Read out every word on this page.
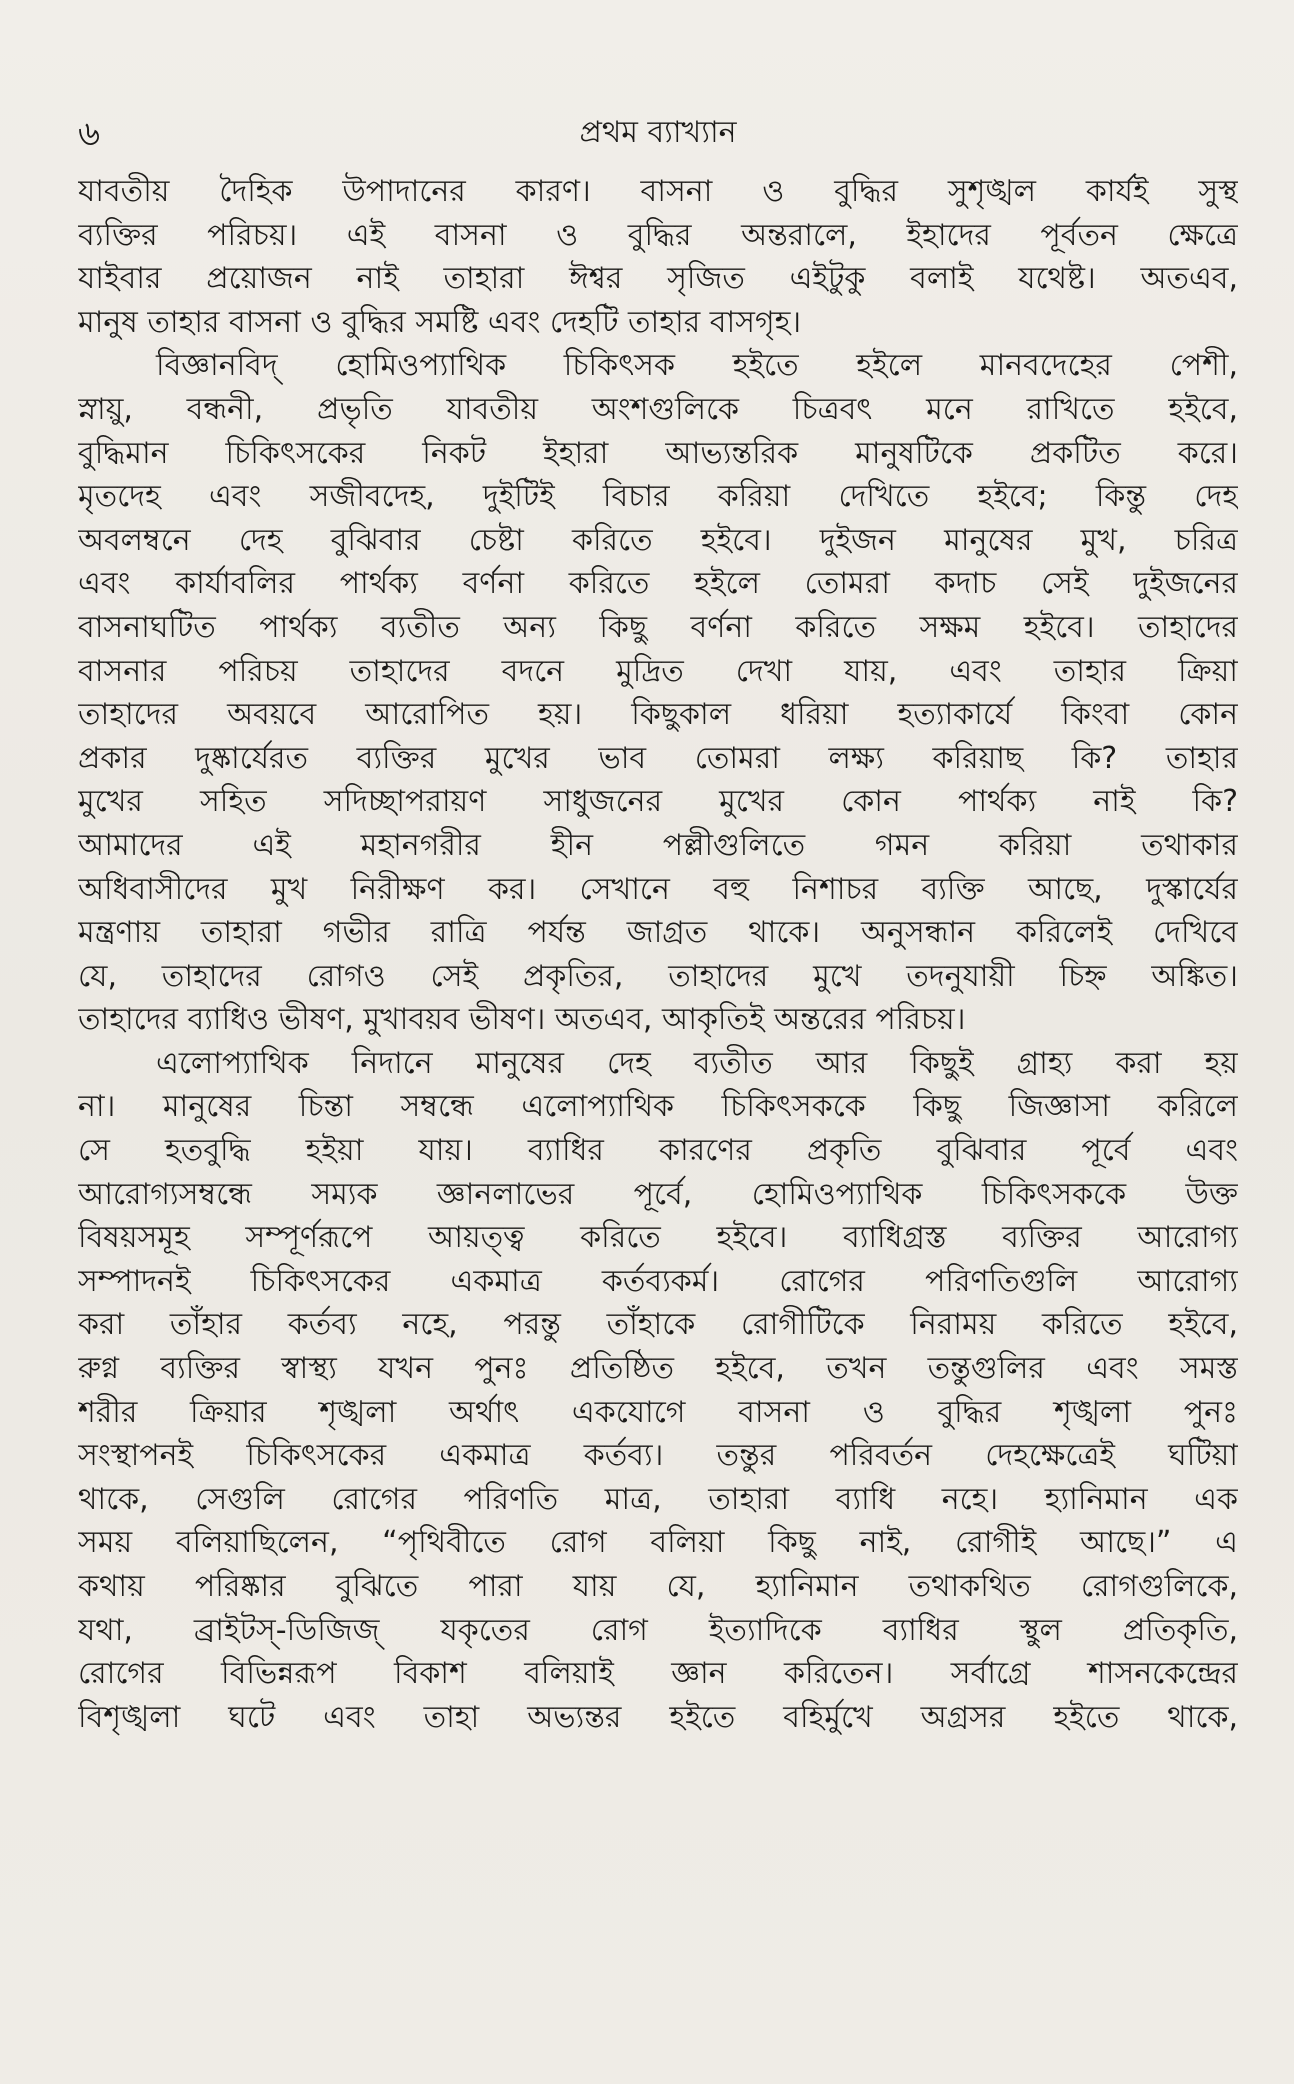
৬	প্রথম ব্যাখ্যান
যাবতীয় দৈহিক উপাদানের কারণ। বাসনা ও বুদ্ধির সুশৃঙ্খল কার্যই সুস্থ
ব্যক্তির পরিচয়। এই বাসনা ও বুদ্ধির অন্তরালে, ইহাদের পূর্বতন ক্ষেত্রে
যাইবার প্রয়োজন নাই তাহারা ঈশ্বর সৃজিত এইটুকু বলাই যথেষ্ট। অতএব,
মানুষ তাহার বাসনা ও বুদ্ধির সমষ্টি এবং দেহটি তাহার বাসগৃহ।
বিজ্ঞানবিদ্ হোমিওপ্যাথিক চিকিৎসক হইতে হইলে মানবদেহের পেশী,
স্নায়ু, বন্ধনী, প্রভৃতি যাবতীয় অংশগুলিকে চিত্রবৎ মনে রাখিতে হইবে,
বুদ্ধিমান চিকিৎসকের নিকট ইহারা আভ্যন্তরিক মানুষটিকে প্রকটিত করে।
মৃতদেহ এবং সজীবদেহ, দুইটিই বিচার করিয়া দেখিতে হইবে; কিন্তু দেহ
অবলম্বনে দেহ বুঝিবার চেষ্টা করিতে হইবে। দুইজন মানুষের মুখ, চরিত্র
এবং কার্যাবলির পার্থক্য বর্ণনা করিতে হইলে তোমরা কদাচ সেই দুইজনের
বাসনাঘটিত পার্থক্য ব্যতীত অন্য কিছু বর্ণনা করিতে সক্ষম হইবে। তাহাদের
বাসনার পরিচয় তাহাদের বদনে মুদ্রিত দেখা যায়, এবং তাহার ক্রিয়া
তাহাদের অবয়বে আরোপিত হয়। কিছুকাল ধরিয়া হত্যাকার্যে কিংবা কোন
প্রকার দুষ্কার্যেরত ব্যক্তির মুখের ভাব তোমরা লক্ষ্য করিয়াছ কি? তাহার
মুখের সহিত সদিচ্ছাপরায়ণ সাধুজনের মুখের কোন পার্থক্য নাই কি?
আমাদের এই মহানগরীর হীন পল্লীগুলিতে গমন করিয়া তথাকার
অধিবাসীদের মুখ নিরীক্ষণ কর। সেখানে বহু নিশাচর ব্যক্তি আছে, দুস্কার্যের
মন্ত্রণায় তাহারা গভীর রাত্রি পর্যন্ত জাগ্রত থাকে। অনুসন্ধান করিলেই দেখিবে
যে, তাহাদের রোগও সেই প্রকৃতির, তাহাদের মুখে তদনুযায়ী চিহ্ন অঙ্কিত।
তাহাদের ব্যাধিও ভীষণ, মুখাবয়ব ভীষণ। অতএব, আকৃতিই অন্তরের পরিচয়।
এলোপ্যাথিক নিদানে মানুষের দেহ ব্যতীত আর কিছুই গ্রাহ্য করা হয়
না। মানুষের চিন্তা সম্বন্ধে এলোপ্যাথিক চিকিৎসককে কিছু জিজ্ঞাসা করিলে
সে হতবুদ্ধি হইয়া যায়। ব্যাধির কারণের প্রকৃতি বুঝিবার পূর্বে এবং
আরোগ্যসম্বন্ধে সম্যক জ্ঞানলাভের পূর্বে, হোমিওপ্যাথিক চিকিৎসককে উক্ত
বিষয়সমূহ সম্পূর্ণরূপে আয়ত্ত্ব করিতে হইবে। ব্যাধিগ্রস্ত ব্যক্তির আরোগ্য
সম্পাদনই চিকিৎসকের একমাত্র কর্তব্যকর্ম। রোগের পরিণতিগুলি আরোগ্য
করা তাঁহার কর্তব্য নহে, পরন্তু তাঁহাকে রোগীটিকে নিরাময় করিতে হইবে,
রুগ্ন ব্যক্তির স্বাস্থ্য যখন পুনঃ প্রতিষ্ঠিত হইবে, তখন তন্তুগুলির এবং সমস্ত
শরীর ক্রিয়ার শৃঙ্খলা অর্থাৎ একযোগে বাসনা ও বুদ্ধির শৃঙ্খলা পুনঃ
সংস্থাপনই চিকিৎসকের একমাত্র কর্তব্য। তন্তুর পরিবর্তন দেহক্ষেত্রেই ঘটিয়া
থাকে, সেগুলি রোগের পরিণতি মাত্র, তাহারা ব্যাধি নহে। হ্যানিমান এক
সময় বলিয়াছিলেন, “পৃথিবীতে রোগ বলিয়া কিছু নাই, রোগীই আছে।” এ
কথায় পরিষ্কার বুঝিতে পারা যায় যে, হ্যানিমান তথাকথিত রোগগুলিকে,
যথা, ব্রাইটস্-ডিজিজ্ যকৃতের রোগ ইত্যাদিকে ব্যাধির স্থুল প্রতিকৃতি,
রোগের বিভিন্নরূপ বিকাশ বলিয়াই জ্ঞান করিতেন। সর্বাগ্রে শাসনকেন্দ্রের
বিশৃঙ্খলা ঘটে এবং তাহা অভ্যন্তর হইতে বহির্মুখে অগ্রসর হইতে থাকে,
